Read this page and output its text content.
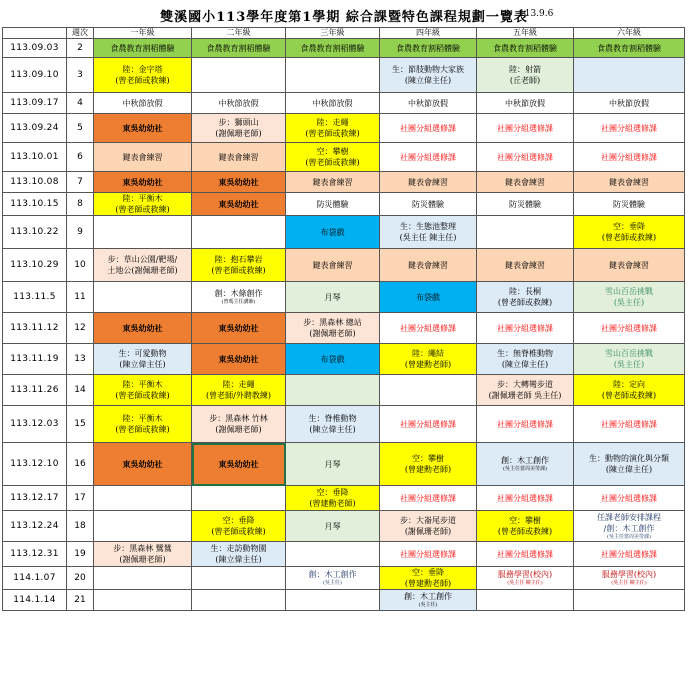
雙溪國小113學年度第1學期 綜合課暨特色課程規劃一覽表
113.9.6
	週次	一年級	二年級	三年級	四年級	五年級	六年級
113.09.03	2	食農教育割稻體驗	食農教育割稻體驗	食農教育割稻體驗	食農教育割稻體驗	食農教育割稻體驗	食農教育割稻體驗

113.09.10	3	陸：金字塔
(曾老師或救練)			生：節肢動物大家族
(陳立偉主任)	陸：射箭
(丘老師)	

113.09.17	4	中秋節放假	中秋節放假	中秋節放假	中秋節放假	中秋節放假	中秋節放假

113.09.24	5	東吳幼幼社	步：獅頭山
(謝佩珊老師)	陸：走繩
(曾老師或救練)	社團分組選修課	社團分組選修課	社團分組選修課

113.10.01	6	鍵表會練習	鍵表會練習	空：攀樹
(曾老師或救練)	社團分組選修課	社團分組選修課	社團分組選修課

113.10.08	7	東吳幼幼社	東吳幼幼社	鍵表會練習	鍵表會練習	鍵表會練習	鍵表會練習

113.10.15	8	陸：平衡木
(曾老師或救練)	東吳幼幼社	防災體驗	防災體驗	防災體驗	防災體驗

113.10.22	9			布袋戲	生：生態池整理
(吳主任 陳主任)		空：垂降
(曾老師或救練)

113.10.29	10	步：草山公園/靶場/
土地公(謝佩珊老師)	陸：抱石攀岩
(曾老師或救練)	鍵表會練習	鍵表會練習	鍵表會練習	鍵表會練習

113.11.5	11		創：木條創作
(曾瑪主任講師)	月琴	布袋戲	陸：長桐
(曾老師或救練)	雪山百岳挑戰
(吳主任)

113.11.12	12	東吳幼幼社	東吳幼幼社	步：黑森林 總站
(謝佩珊老師)	社團分組選修課	社團分組選修課	社團分組選修課

113.11.19	13	生：可愛動物
(陳立偉主任)	東吳幼幼社	布袋戲	陸：繩結
(曾建勳老師)	生：無脊椎動物
(陳立偉主任)	雪山百岳挑戰
(吳主任)

113.11.26	14	陸：平衡木
(曾老師或救練)	陸：走繩
(曾老師/外聘教練)			步：大轉彎步道
(謝佩珊老師 吳主任)	陸：定向
(曾老師或救練)

113.12.03	15	陸：平衡木
(曾老師或救練)	步：黑森林 竹林
(謝佩珊老師)	生：脊椎動物
(陳立偉主任)	社團分組選修課	社團分組選修課	社團分組選修課

113.12.10	16	東吳幼幼社	東吳幼幼社	月琴	空：攀樹
(曾建勳老師)	創：木工創作
(吳主任當周美勞課)	生：動物的演化與分類
(陳立偉主任)

113.12.17	17			空：垂降
(曾建勳老師)	社團分組選修課	社團分組選修課	社團分組選修課

113.12.24	18		空：垂降
(曾老師或救練)	月琴	步：大崙尾步道
(謝佩珊老師)	空：攀樹
(曾老師或救練)	任課老師安排課程
/創：木工創作
(吳主任當周美勞課)

113.12.31	19	步：黑森林 鷺鷥
(謝佩珊老師)	生：走訪動物園
(陳立偉主任)		社團分組選修課	社團分組選修課	社團分組選修課

114.1.07	20			創：木工創作
(吳主任)	空：垂降
(曾建勳老師)	服務學習(校內)
(吳主任 陳主任)	服務學習(校內)
(吳主任 陳主任)

114.1.14	21				創：木工創作
(吳主任)		
